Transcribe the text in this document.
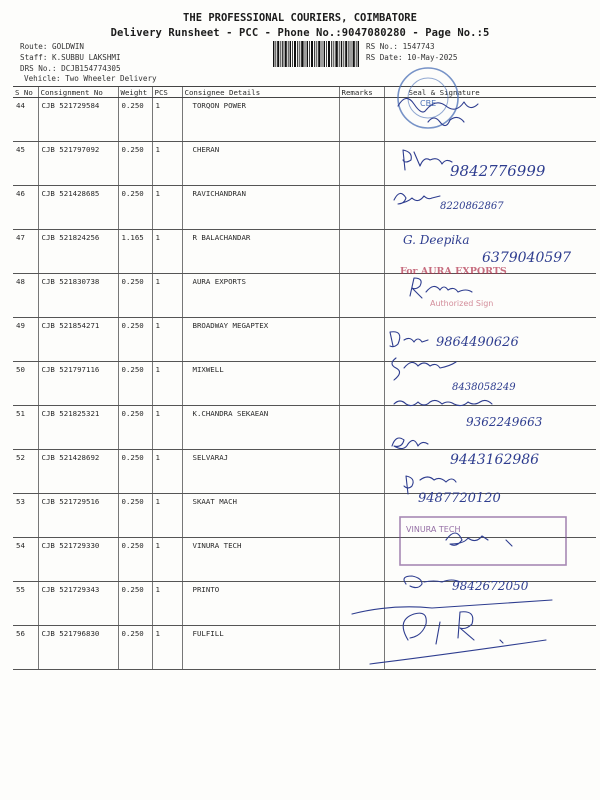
THE PROFESSIONAL COURIERS, COIMBATORE
Delivery Runsheet - PCC - Phone No.:9047080280 - Page No.:5
Route: GOLDWIN
Staff: K.SUBBU LAKSHMI
DRS No.: DCJB154774305
Vehicle: Two Wheeler Delivery
RS No.: 1547743
RS Date: 10-May-2025
S No	Consignment No	Weight	PCS	Consignee Details	Remarks	Seal & Signature
44	CJB 521729584	0.250	1	TORQON POWER		
45	CJB 521797092	0.250	1	CHERAN		
46	CJB 521428685	0.250	1	RAVICHANDRAN		
47	CJB 521824256	1.165	1	R BALACHANDAR		
48	CJB 521830738	0.250	1	AURA EXPORTS		
49	CJB 521854271	0.250	1	BROADWAY MEGAPTEX		
50	CJB 521797116	0.250	1	MIXWELL		
51	CJB 521825321	0.250	1	K.CHANDRA SEKAEAN		
52	CJB 521428692	0.250	1	SELVARAJ		
53	CJB 521729516	0.250	1	SKAAT MACH		
54	CJB 521729330	0.250	1	VINURA TECH		
55	CJB 521729343	0.250	1	PRINTO		
56	CJB 521796830	0.250	1	FULFILL		
CBE
9842776999
8220862867
G. Deepika
6379040597
For AURA EXPORTS
Authorized Sign
9864490626
8438058249
9362249663
9443162986
9487720120
VINURA TECH
9842672050
